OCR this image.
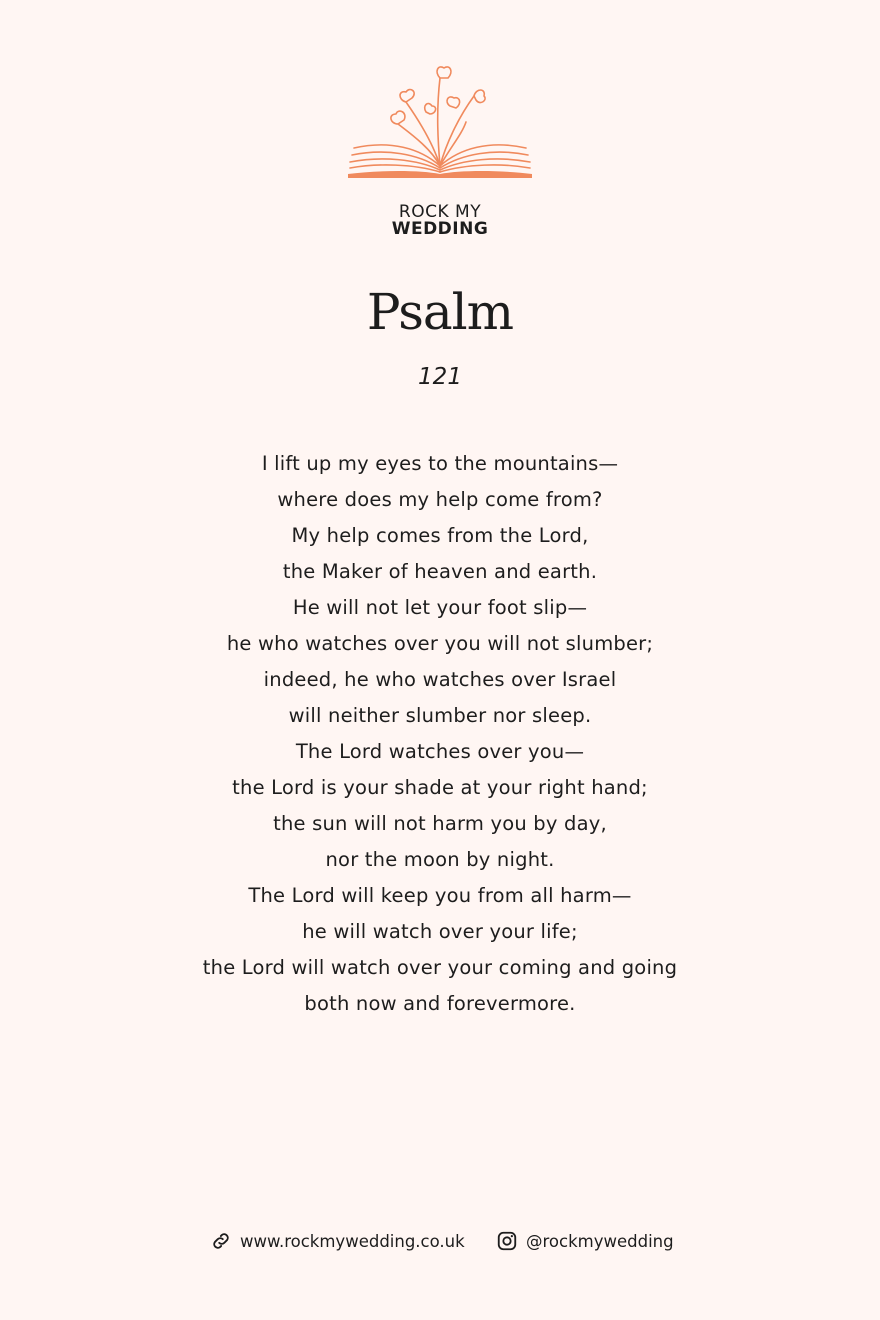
ROCK MY
WEDDING
Psalm
121
I lift up my eyes to the mountains—
where does my help come from?
My help comes from the Lord,
the Maker of heaven and earth.
He will not let your foot slip—
he who watches over you will not slumber;
indeed, he who watches over Israel
will neither slumber nor sleep.
The Lord watches over you—
the Lord is your shade at your right hand;
the sun will not harm you by day,
nor the moon by night.
The Lord will keep you from all harm—
he will watch over your life;
the Lord will watch over your coming and going
both now and forevermore.
www.rockmywedding.co.uk	@rockmywedding
